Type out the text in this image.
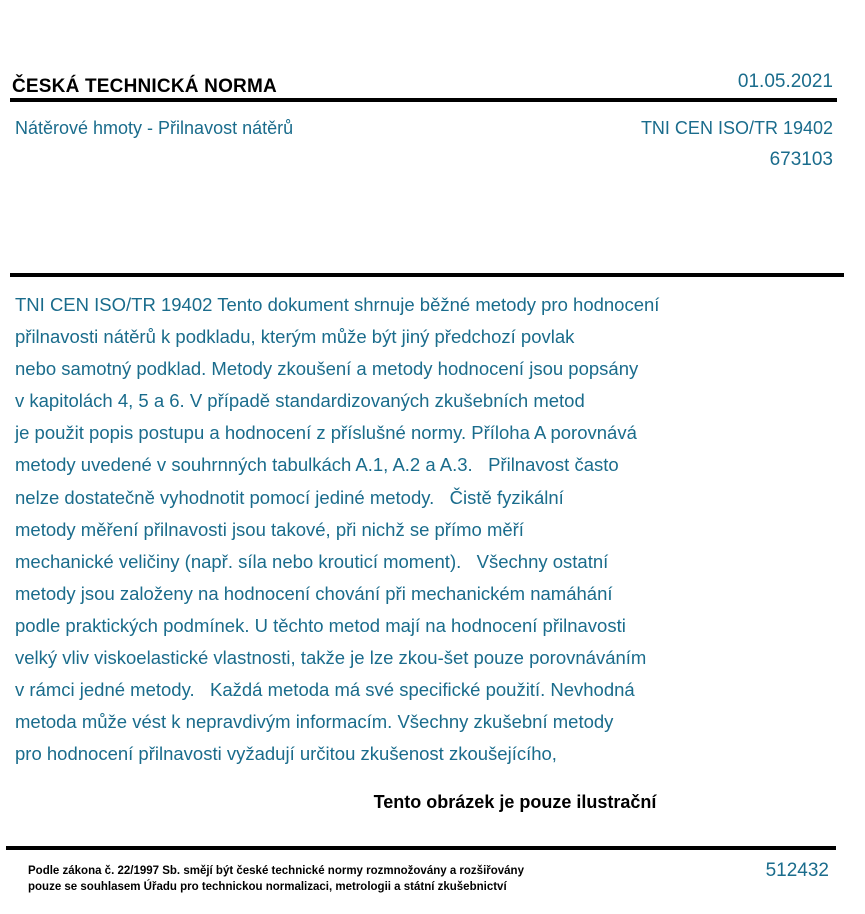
ČESKÁ TECHNICKÁ NORMA	01.05.2021
Nátěrové hmoty - Přilnavost nátěrů	TNI CEN ISO/TR 19402
673103
TNI CEN ISO/TR 19402 Tento dokument shrnuje běžné metody pro hodnocení
přilnavosti nátěrů k podkladu, kterým může být jiný předchozí povlak
nebo samotný podklad. Metody zkoušení a metody hodnocení jsou popsány
v kapitolách 4, 5 a 6. V případě standardizovaných zkušebních metod
je použit popis postupu a hodnocení z příslušné normy. Příloha A porovnává
metody uvedené v souhrnných tabulkách A.1, A.2 a A.3.   Přilnavost často
nelze dostatečně vyhodnotit pomocí jediné metody.   Čistě fyzikální
metody měření přilnavosti jsou takové, při nichž se přímo měří
mechanické veličiny (např. síla nebo krouticí moment).   Všechny ostatní
metody jsou založeny na hodnocení chování při mechanickém namáhání
podle praktických podmínek. U těchto metod mají na hodnocení přilnavosti
velký vliv viskoelastické vlastnosti, takže je lze zkou-šet pouze porovnáváním
v rámci jedné metody.   Každá metoda má své specifické použití. Nevhodná
metoda může vést k nepravdivým informacím. Všechny zkušební metody
pro hodnocení přilnavosti vyžadují určitou zkušenost zkoušejícího,
Tento obrázek je pouze ilustrační
Podle zákona č. 22/1997 Sb. smějí být české technické normy rozmnožovány a rozšiřovány
pouze se souhlasem Úřadu pro technickou normalizaci, metrologii a státní zkušebnictví
512432
